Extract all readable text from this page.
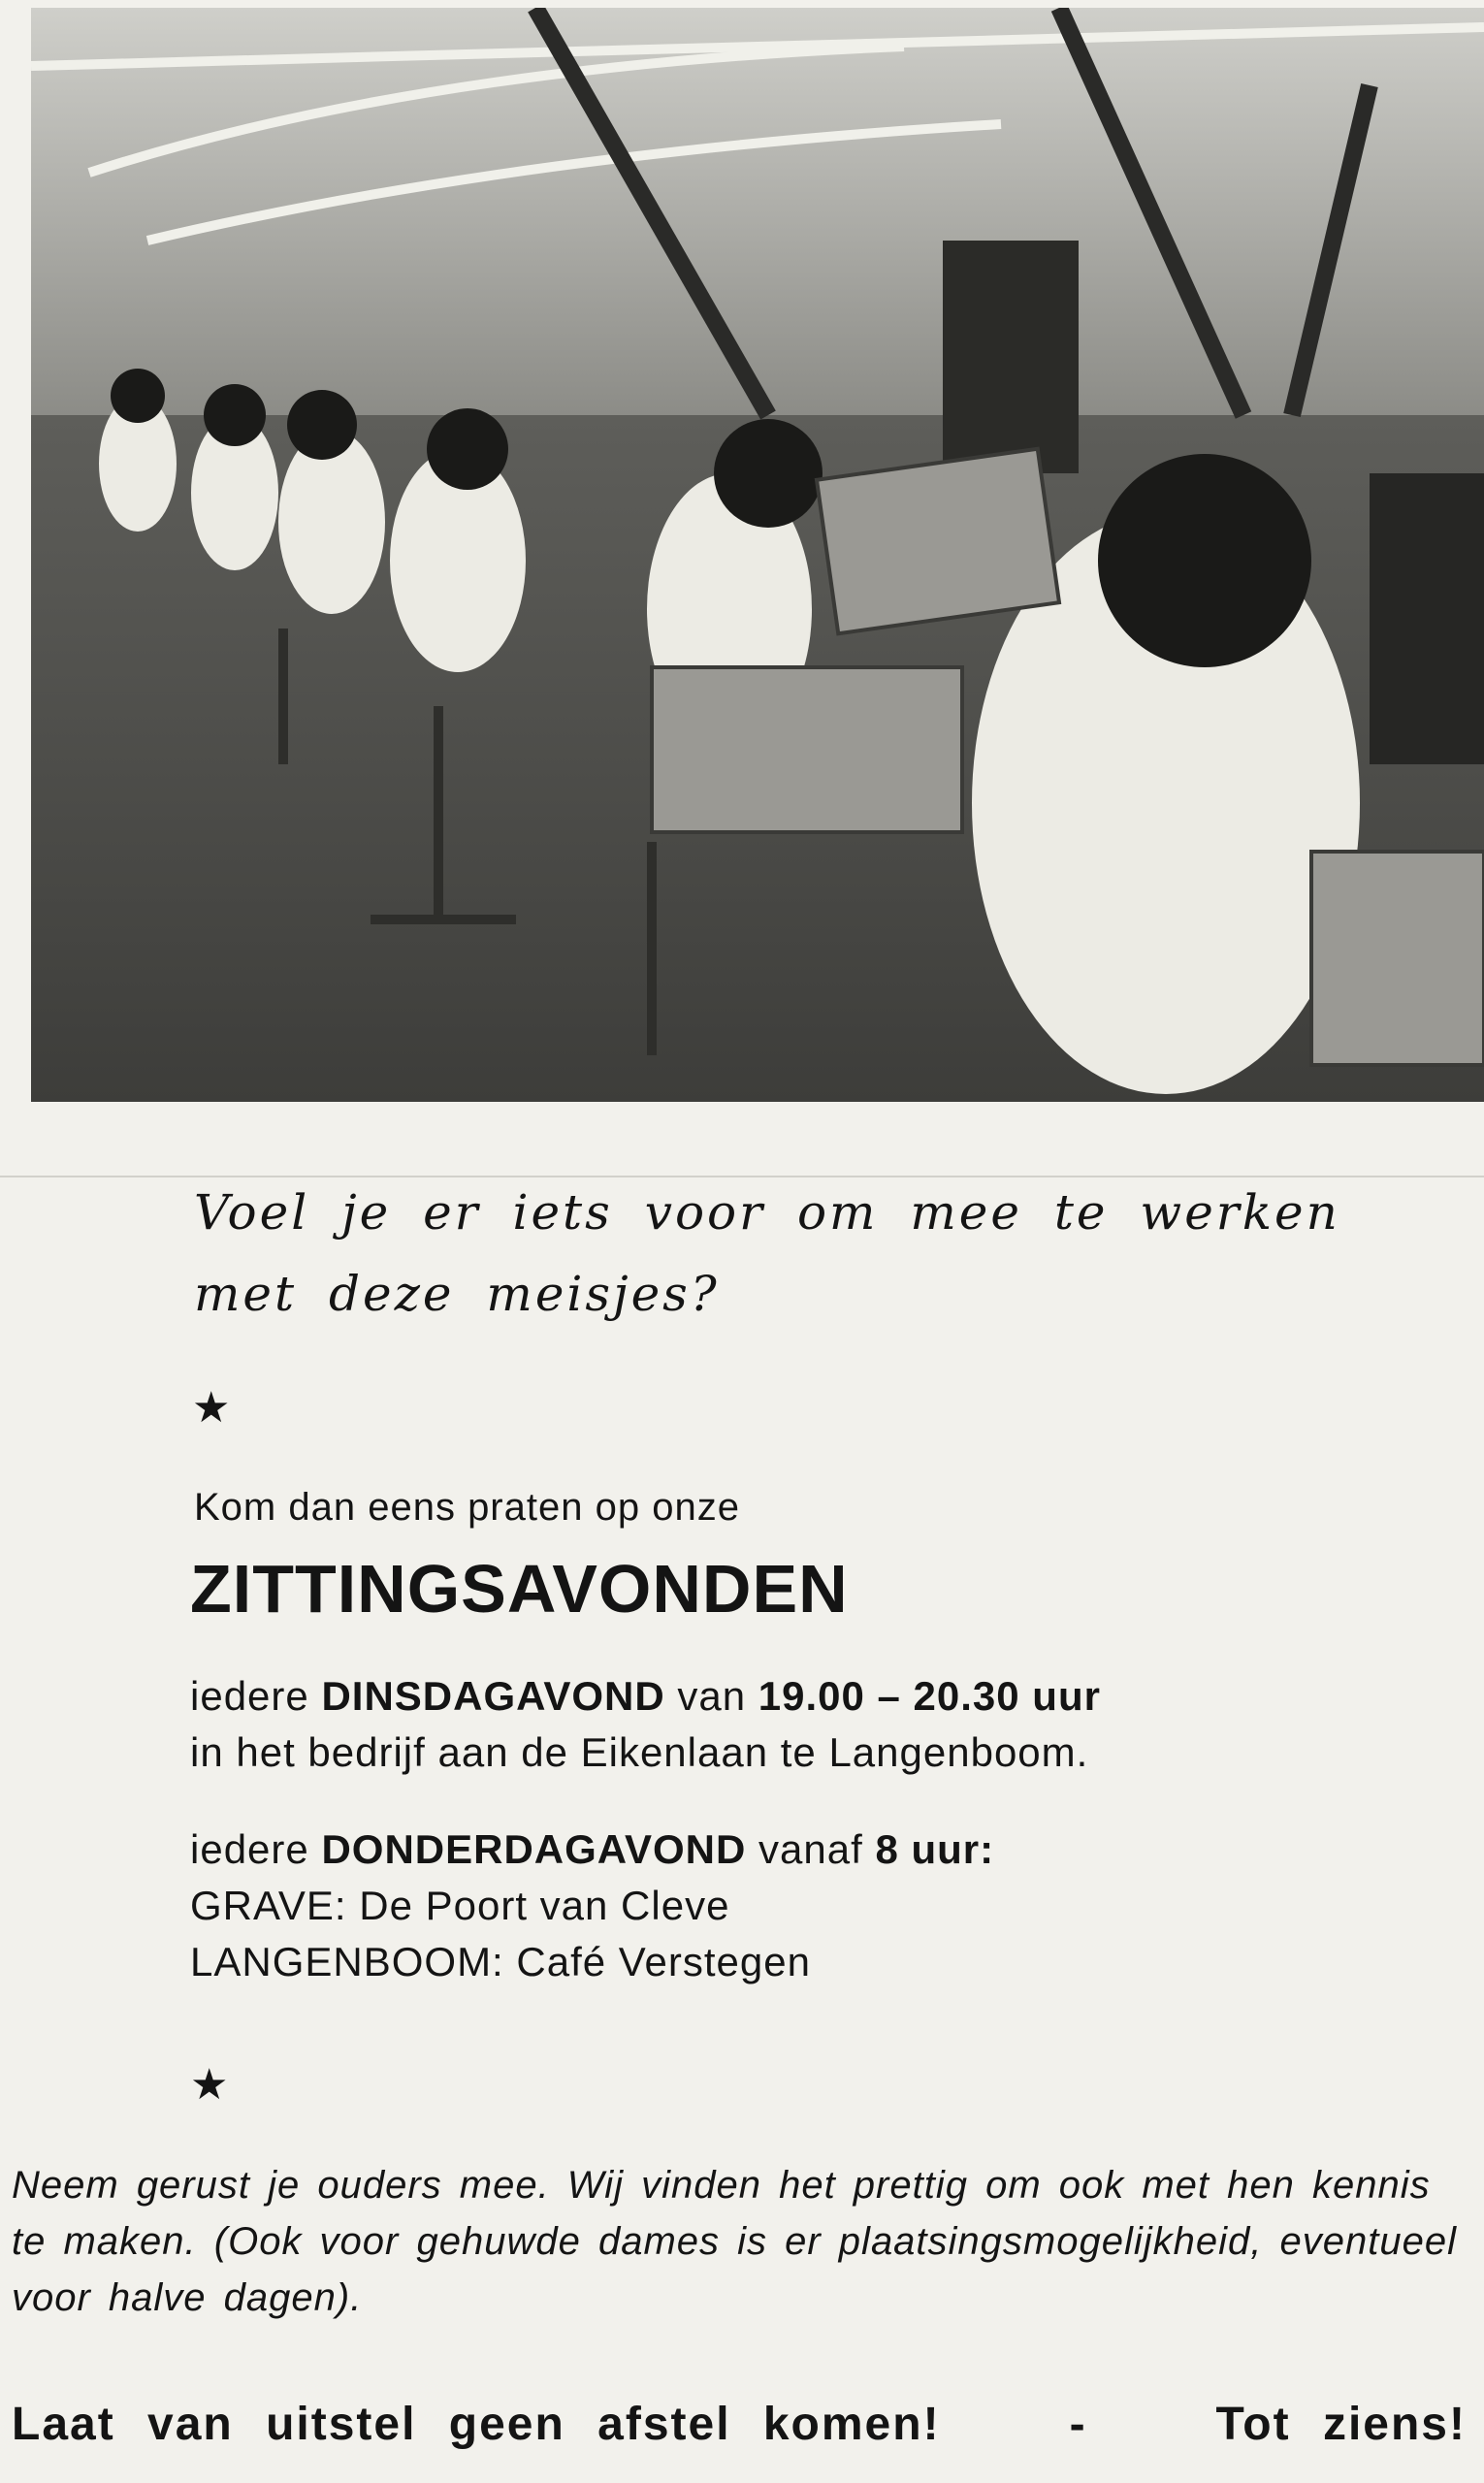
Voel je er iets voor om mee te werken
met deze meisjes?

★

Kom dan eens praten op onze

ZITTINGSAVONDEN

iedere DINSDAGAVOND van 19.00 – 20.30 uur
in het bedrijf aan de Eikenlaan te Langenboom.

iedere DONDERDAGAVOND vanaf 8 uur:
GRAVE: De Poort van Cleve
LANGENBOOM: Café Verstegen

★

Neem gerust je ouders mee. Wij vinden het prettig om ook met hen kennis te maken. (Ook voor gehuwde dames is er plaatsingsmogelijkheid, eventueel voor halve dagen).

Laat van uitstel geen afstel komen!	-	Tot ziens!
